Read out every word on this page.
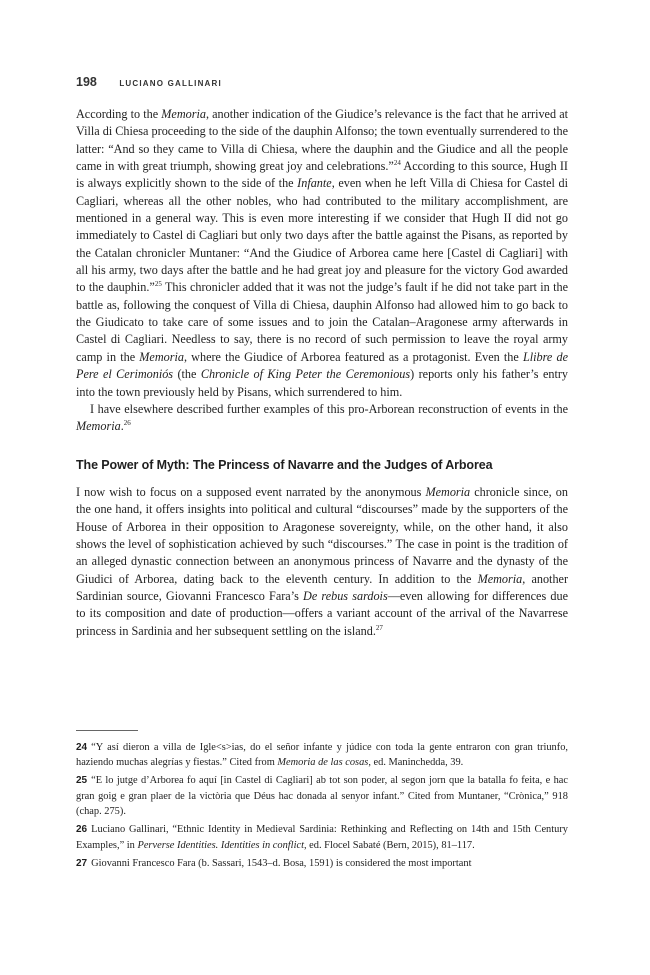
198	LUCIANO GALLINARI

According to the Memoria, another indication of the Giudice’s relevance is the fact that he arrived at Villa di Chiesa proceeding to the side of the dauphin Alfonso; the town eventually surrendered to the latter: “And so they came to Villa di Chiesa, where the dauphin and the Giudice and all the people came in with great triumph, showing great joy and celebrations.”$^{24}$ According to this source, Hugh II is always explicitly shown to the side of the Infante, even when he left Villa di Chiesa for Castel di Cagliari, whereas all the other nobles, who had contributed to the military accomplishment, are mentioned in a general way. This is even more interesting if we consider that Hugh II did not go immediately to Castel di Cagliari but only two days after the battle against the Pisans, as reported by the Catalan chronicler Muntaner: “And the Giudice of Arborea came here [Castel di Cagliari] with all his army, two days after the battle and he had great joy and pleasure for the victory God awarded to the dauphin.”$^{25}$ This chronicler added that it was not the judge’s fault if he did not take part in the battle as, following the conquest of Villa di Chiesa, dauphin Alfonso had allowed him to go back to the Giudicato to take care of some issues and to join the Catalan–Aragonese army afterwards in Castel di Cagliari. Needless to say, there is no record of such permission to leave the royal army camp in the Memoria, where the Giudice of Arborea featured as a protagonist. Even the Llibre de Pere el Cerimoniós (the Chronicle of King Peter the Ceremonious) reports only his father’s entry into the town previously held by Pisans, which surrendered to him.

I have elsewhere described further examples of this pro-Arborean reconstruction of events in the Memoria.$^{26}$

The Power of Myth: The Princess of Navarre and the Judges of Arborea

I now wish to focus on a supposed event narrated by the anonymous Memoria chronicle since, on the one hand, it offers insights into political and cultural “discourses” made by the supporters of the House of Arborea in their opposition to Aragonese sovereignty, while, on the other hand, it also shows the level of sophistication achieved by such “discourses.” The case in point is the tradition of an alleged dynastic connection between an anonymous princess of Navarre and the dynasty of the Giudici of Arborea, dating back to the eleventh century. In addition to the Memoria, another Sardinian source, Giovanni Francesco Fara’s De rebus sardois—even allowing for differences due to its composition and date of production—offers a variant account of the arrival of the Navarrese princess in Sardinia and her subsequent settling on the island.$^{27}$

24 “Y así dieron a villa de Igle<s>ias, do el señor infante y júdice con toda la gente entraron con gran triunfo, haziendo muchas alegrías y fiestas.” Cited from Memoria de las cosas, ed. Maninchedda, 39.

25 “E lo jutge d’Arborea fo aquí [in Castel di Cagliari] ab tot son poder, al segon jorn que la batalla fo feita, e hac gran goig e gran plaer de la victòria que Déus hac donada al senyor infant.” Cited from Muntaner, “Crònica,” 918 (chap. 275).

26 Luciano Gallinari, “Ethnic Identity in Medieval Sardinia: Rethinking and Reflecting on 14th and 15th Century Examples,” in Perverse Identities. Identities in conflict, ed. Flocel Sabaté (Bern, 2015), 81–117.

27 Giovanni Francesco Fara (b. Sassari, 1543–d. Bosa, 1591) is considered the most important
